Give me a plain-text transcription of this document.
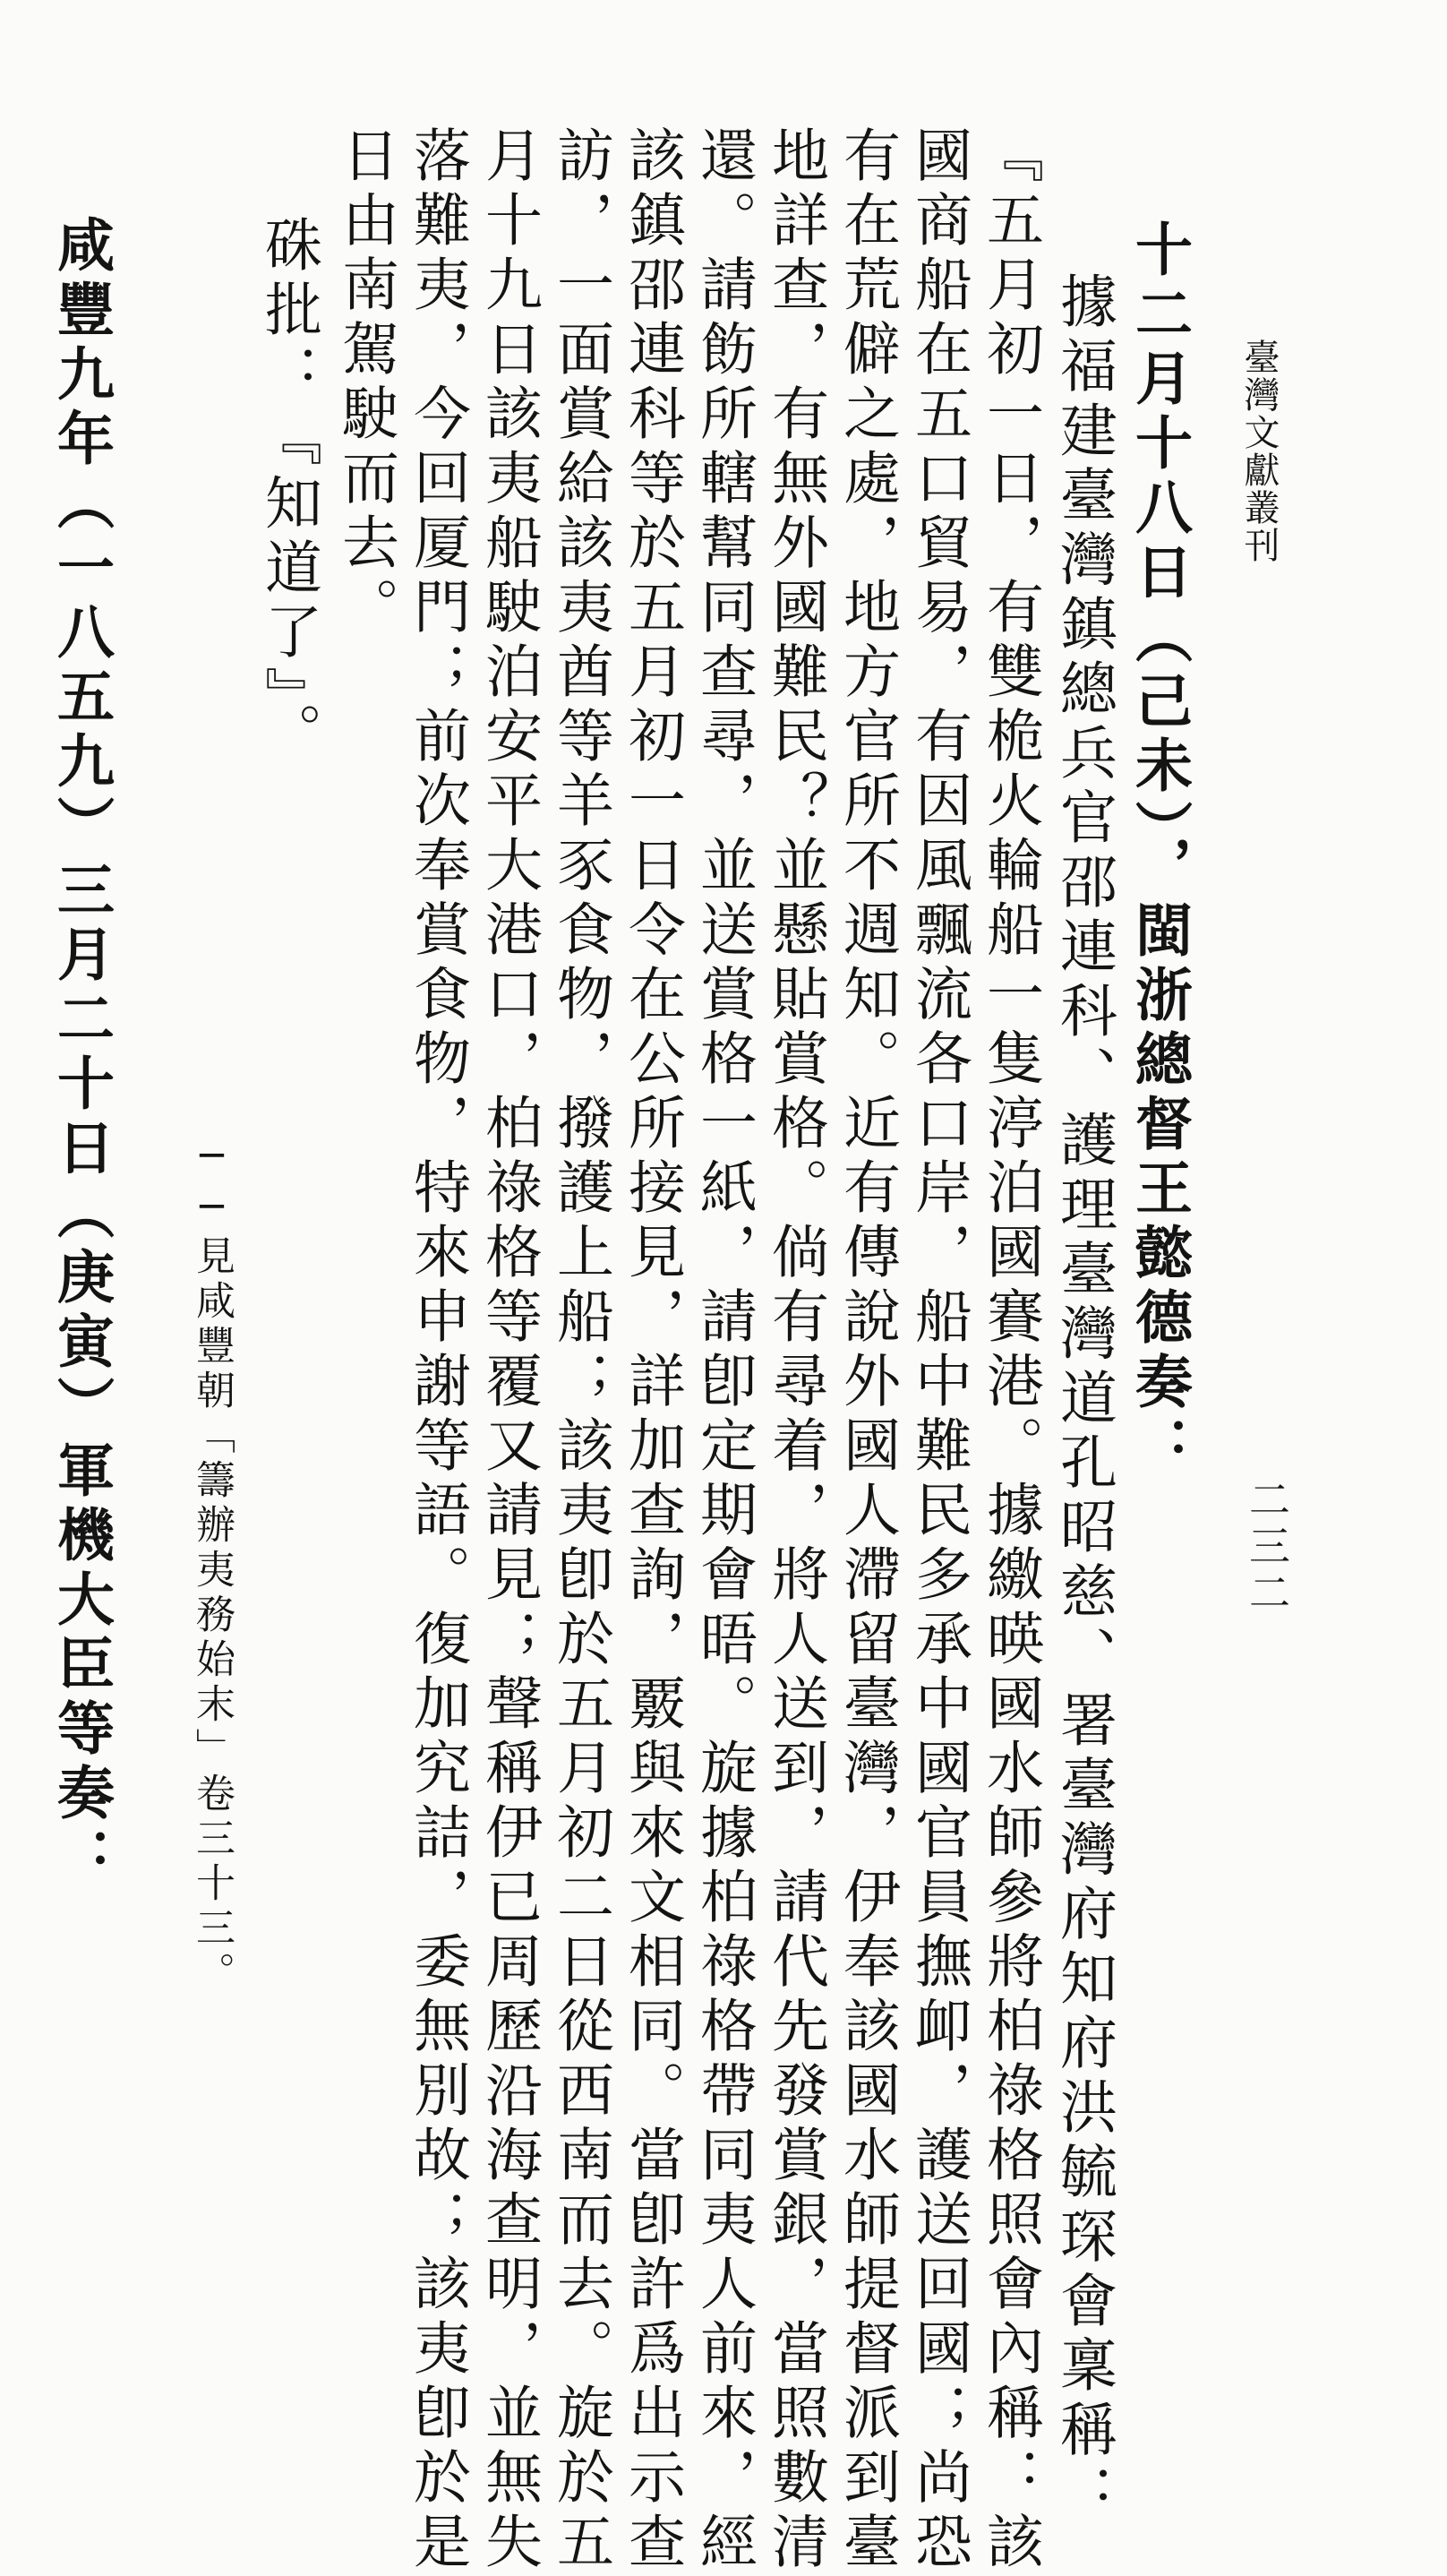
臺灣文獻叢刊
二三二
十二月十八日（己未），閩浙總督王懿德奏：
據福建臺灣鎮總兵官邵連科、護理臺灣道孔昭慈、署臺灣府知府洪毓琛會稟稱：
『五月初一日，有雙桅火輪船一隻渟泊國賽港。據繳暎國水師參將柏祿格照會內稱：該
國商船在五口貿易，有因風飄流各口岸，船中難民多承中國官員撫卹，護送回國；尚恐
有在荒僻之處，地方官所不週知。近有傳說外國人滯留臺灣，伊奉該國水師提督派到臺
地詳查，有無外國難民？並懸貼賞格。倘有尋着，將人送到，請代先發賞銀，當照數清
還。請飭所轄幫同查尋，並送賞格一紙，請卽定期會晤。旋據柏祿格帶同夷人前來，經
該鎮邵連科等於五月初一日令在公所接見，詳加查詢，覈與來文相同。當卽許爲出示查
訪，一面賞給該夷酋等羊豕食物，撥護上船；該夷卽於五月初二日從西南而去。旋於五
月十九日該夷船駛泊安平大港口，柏祿格等覆又請見；聲稱伊已周歷沿海查明，並無失
落難夷，今回厦門；前次奉賞食物，特來申謝等語。復加究詰，委無別故；該夷卽於是
日由南駕駛而去。
硃批：『知道了』。
──見咸豐朝「籌辦夷務始末」卷三十三。
咸豐九年（一八五九）三月二十日（庚寅）軍機大臣等奏：
